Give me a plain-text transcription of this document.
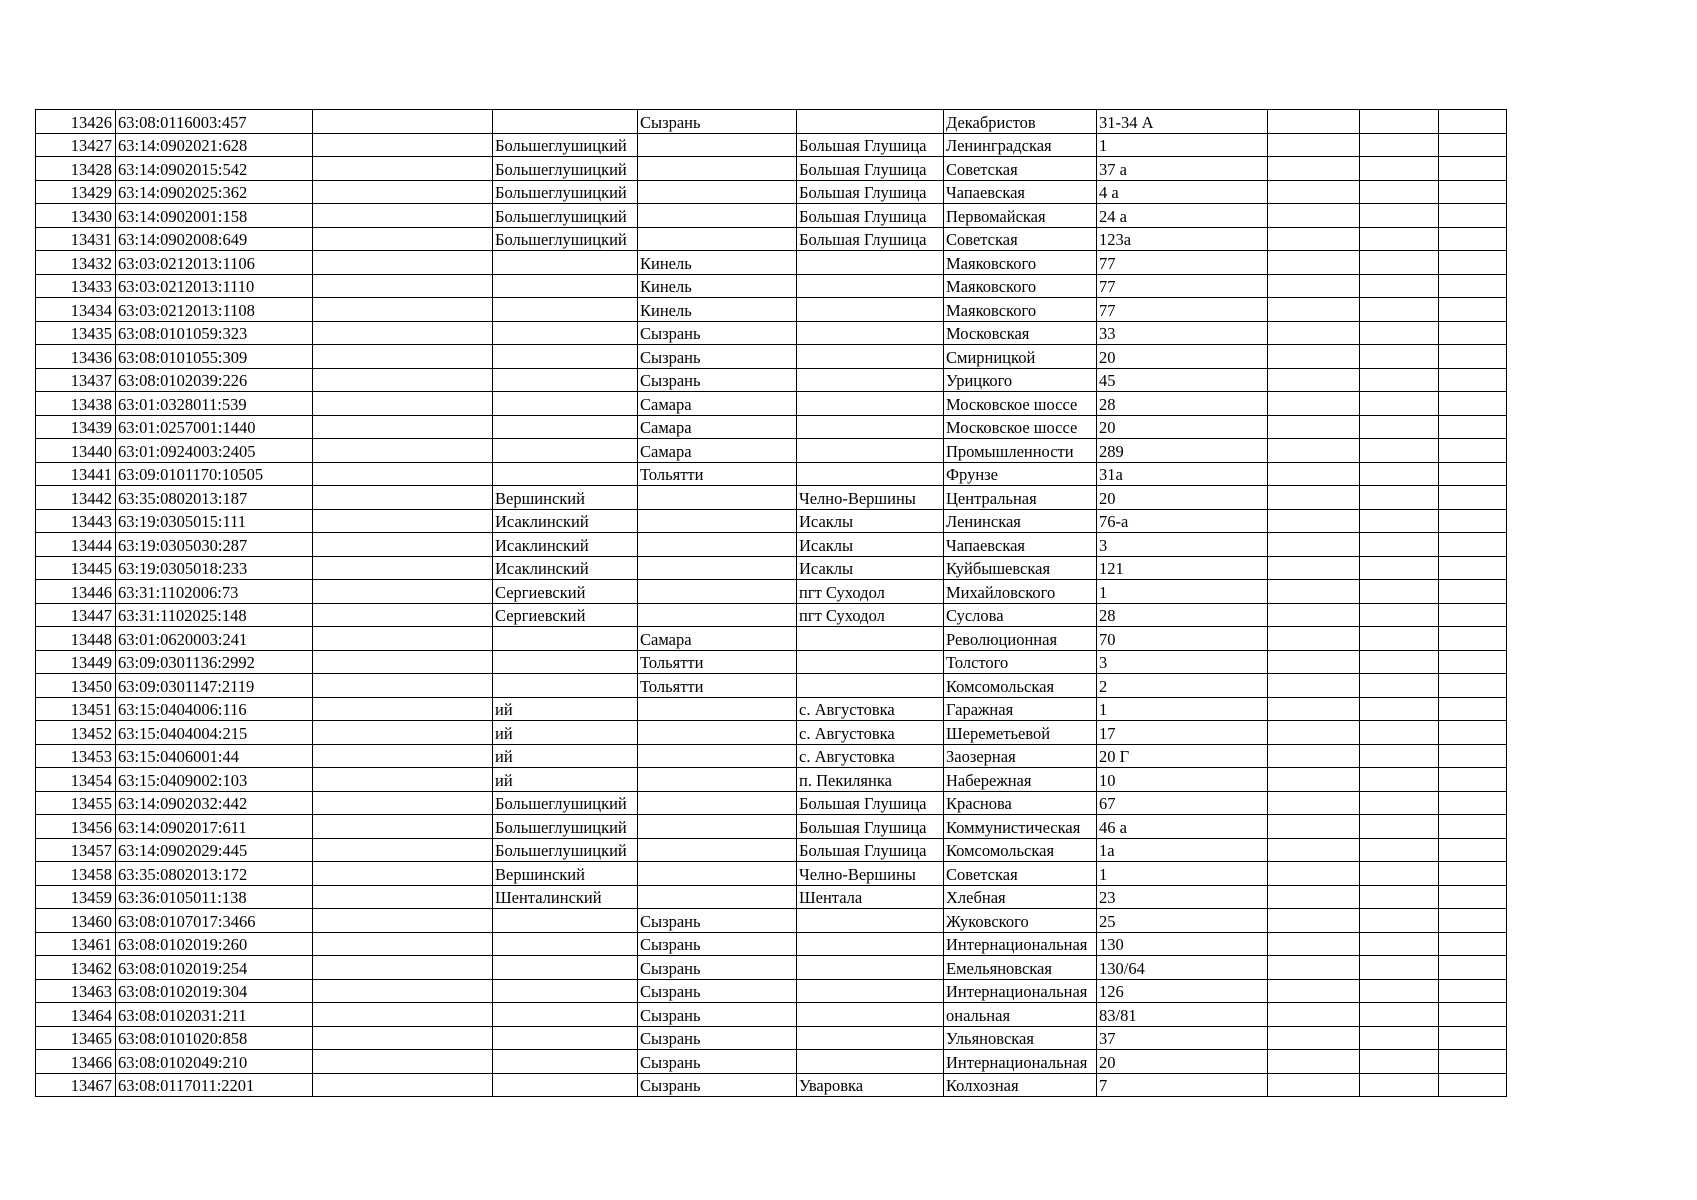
13426	63:08:0116003:457			Сызрань		Декабристов	31-34 А			
13427	63:14:0902021:628		Большеглушицкий		Большая Глушица	Ленинградская	1			
13428	63:14:0902015:542		Большеглушицкий		Большая Глушица	Советская	37 а			
13429	63:14:0902025:362		Большеглушицкий		Большая Глушица	Чапаевская	4 а			
13430	63:14:0902001:158		Большеглушицкий		Большая Глушица	Первомайская	24 а			
13431	63:14:0902008:649		Большеглушицкий		Большая Глушица	Советская	123а			
13432	63:03:0212013:1106			Кинель		Маяковского	77			
13433	63:03:0212013:1110			Кинель		Маяковского	77			
13434	63:03:0212013:1108			Кинель		Маяковского	77			
13435	63:08:0101059:323			Сызрань		Московская	33			
13436	63:08:0101055:309			Сызрань		Смирницкой	20			
13437	63:08:0102039:226			Сызрань		Урицкого	45			
13438	63:01:0328011:539			Самара		Московское шоссе	28			
13439	63:01:0257001:1440			Самара		Московское шоссе	20			
13440	63:01:0924003:2405			Самара		Промышленности	289			
13441	63:09:0101170:10505			Тольятти		Фрунзе	31а			
13442	63:35:0802013:187		Вершинский		Челно-Вершины	Центральная	20			
13443	63:19:0305015:111		Исаклинский		Исаклы	Ленинская	76-а			
13444	63:19:0305030:287		Исаклинский		Исаклы	Чапаевская	3			
13445	63:19:0305018:233		Исаклинский		Исаклы	Куйбышевская	121			
13446	63:31:1102006:73		Сергиевский		пгт Суходол	Михайловского	1			
13447	63:31:1102025:148		Сергиевский		пгт Суходол	Суслова	28			
13448	63:01:0620003:241			Самара		Революционная	70			
13449	63:09:0301136:2992			Тольятти		Толстого	3			
13450	63:09:0301147:2119			Тольятти		Комсомольская	2			
13451	63:15:0404006:116		ий		с. Августовка	Гаражная	1			
13452	63:15:0404004:215		ий		с. Августовка	Шереметьевой	17			
13453	63:15:0406001:44		ий		с. Августовка	Заозерная	20 Г			
13454	63:15:0409002:103		ий		п. Пекилянка	Набережная	10			
13455	63:14:0902032:442		Большеглушицкий		Большая Глушица	Краснова	67			
13456	63:14:0902017:611		Большеглушицкий		Большая Глушица	Коммунистическая	46 а			
13457	63:14:0902029:445		Большеглушицкий		Большая Глушица	Комсомольская	1а			
13458	63:35:0802013:172		Вершинский		Челно-Вершины	Советская	1			
13459	63:36:0105011:138		Шенталинский		Шентала	Хлебная	23			
13460	63:08:0107017:3466			Сызрань		Жуковского	25			
13461	63:08:0102019:260			Сызрань		Интернациональная	130			
13462	63:08:0102019:254			Сызрань		Емельяновская	130/64			
13463	63:08:0102019:304			Сызрань		Интернациональная	126			
13464	63:08:0102031:211			Сызрань		ональная	83/81			
13465	63:08:0101020:858			Сызрань		Ульяновская	37			
13466	63:08:0102049:210			Сызрань		Интернациональная	20			
13467	63:08:0117011:2201			Сызрань	Уваровка	Колхозная	7			
